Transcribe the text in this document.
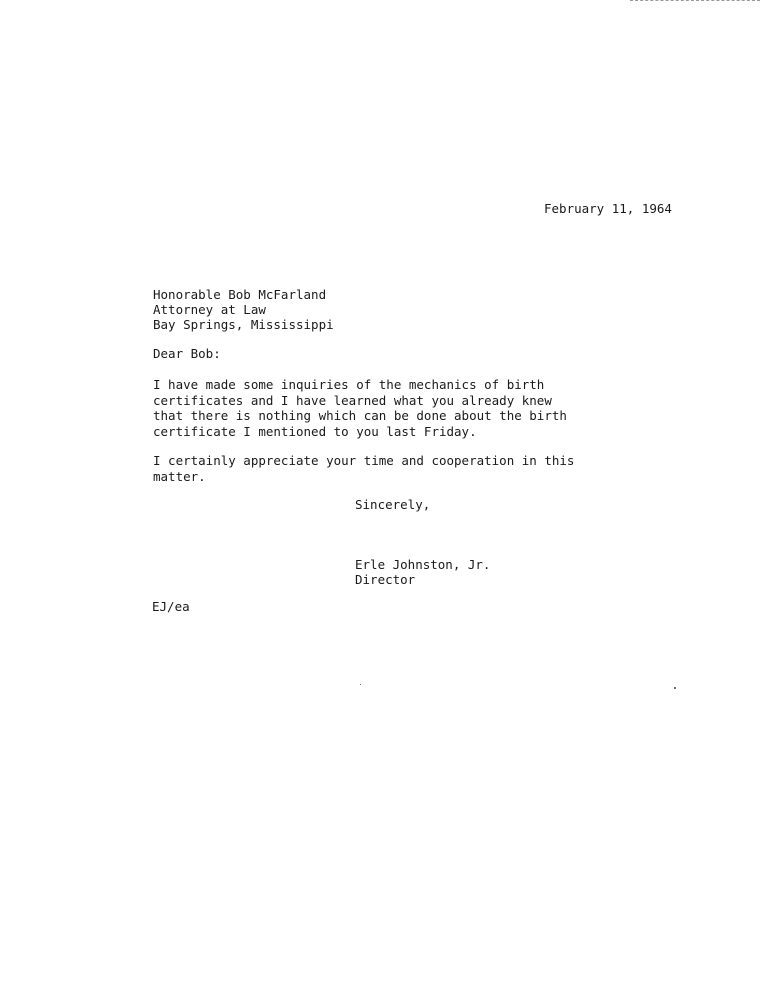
February 11, 1964
Honorable Bob McFarland
Attorney at Law
Bay Springs, Mississippi
Dear Bob:
I have made some inquiries of the mechanics of birth
certificates and I have learned what you already knew
that there is nothing which can be done about the birth
certificate I mentioned to you last Friday.
I certainly appreciate your time and cooperation in this
matter.
Sincerely,
Erle Johnston, Jr.
Director
EJ/ea
